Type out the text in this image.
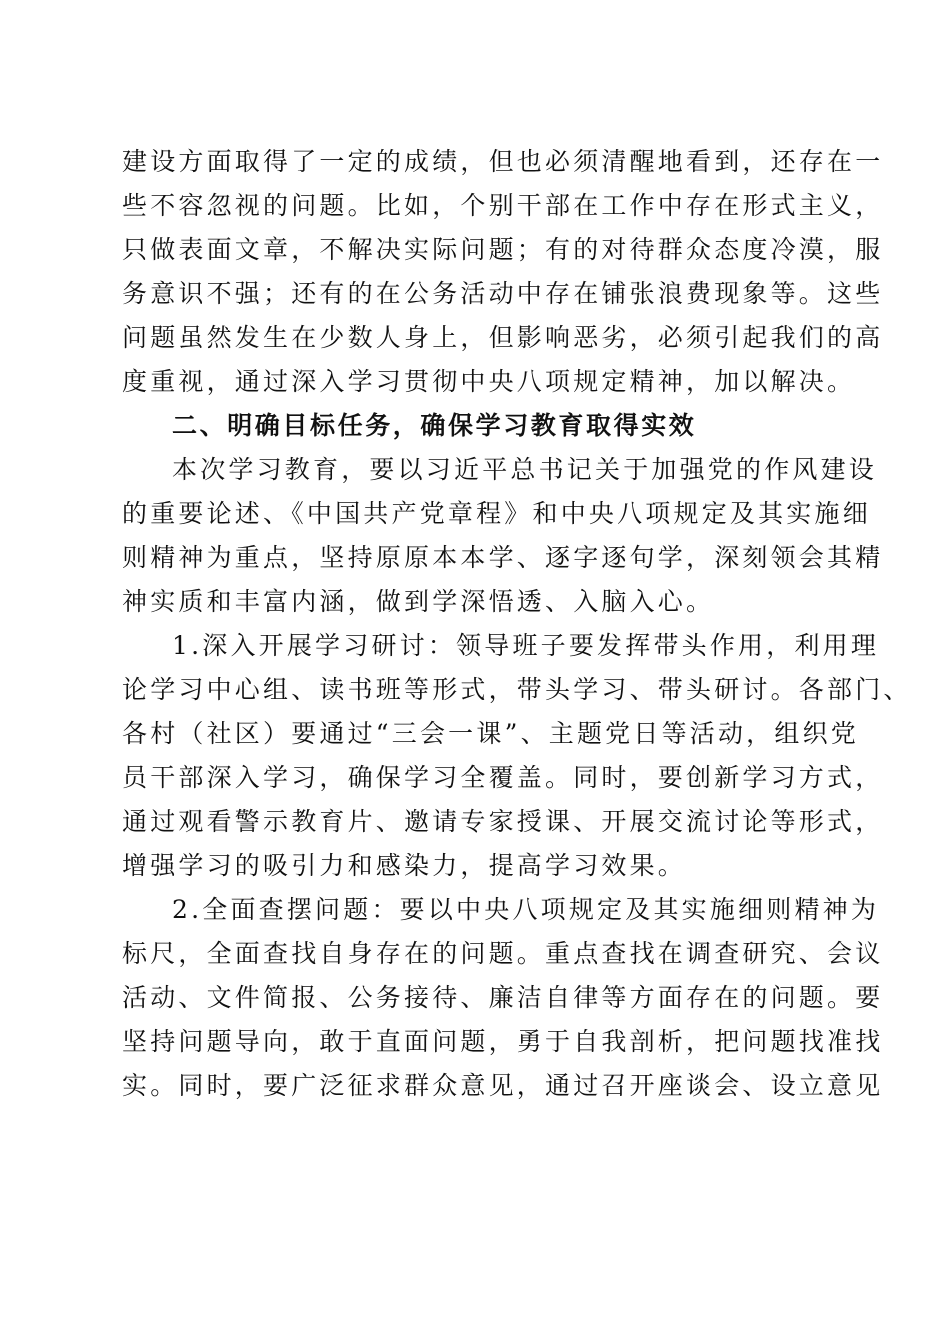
建设方面取得了一定的成绩，但也必须清醒地看到，还存在一
些不容忽视的问题。比如，个别干部在工作中存在形式主义，
只做表面文章，不解决实际问题；有的对待群众态度冷漠，服
务意识不强；还有的在公务活动中存在铺张浪费现象等。这些
问题虽然发生在少数人身上，但影响恶劣，必须引起我们的高
度重视，通过深入学习贯彻中央八项规定精神，加以解决。
二、明确目标任务，确保学习教育取得实效
本次学习教育，要以习近平总书记关于加强党的作风建设
的重要论述、《中国共产党章程》和中央八项规定及其实施细
则精神为重点，坚持原原本本学、逐字逐句学，深刻领会其精
神实质和丰富内涵，做到学深悟透、入脑入心。
1.深入开展学习研讨：领导班子要发挥带头作用，利用理
论学习中心组、读书班等形式，带头学习、带头研讨。各部门、
各村（社区）要通过“三会一课”、主题党日等活动，组织党
员干部深入学习，确保学习全覆盖。同时，要创新学习方式，
通过观看警示教育片、邀请专家授课、开展交流讨论等形式，
增强学习的吸引力和感染力，提高学习效果。
2.全面查摆问题：要以中央八项规定及其实施细则精神为
标尺，全面查找自身存在的问题。重点查找在调查研究、会议
活动、文件简报、公务接待、廉洁自律等方面存在的问题。要
坚持问题导向，敢于直面问题，勇于自我剖析，把问题找准找
实。同时，要广泛征求群众意见，通过召开座谈会、设立意见
